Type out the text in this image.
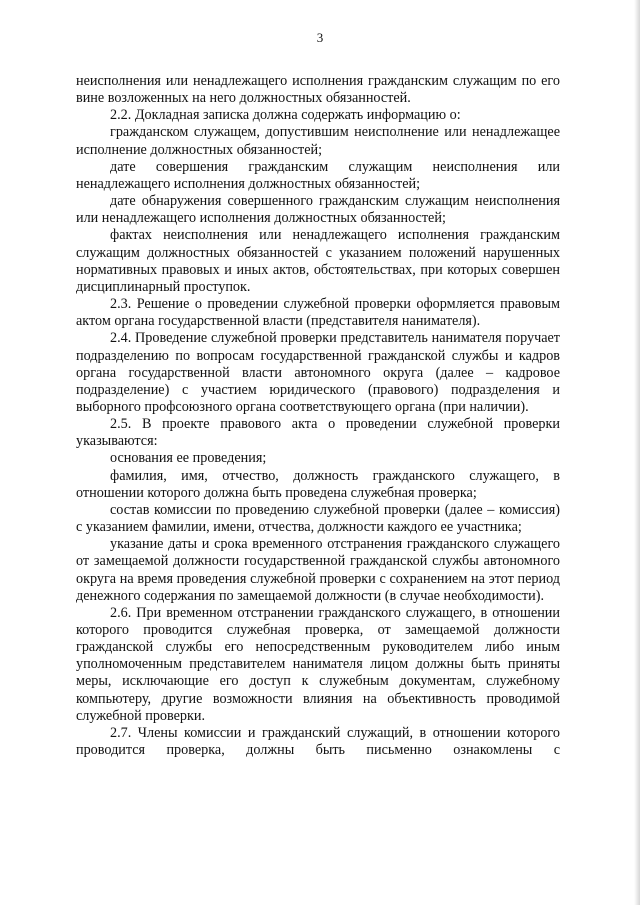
3

неисполнения или ненадлежащего исполнения гражданским служащим по его вине возложенных на него должностных обязанностей.

2.2. Докладная записка должна содержать информацию о:

гражданском служащем, допустившим неисполнение или ненадлежащее исполнение должностных обязанностей;

дате совершения гражданским служащим неисполнения или ненадлежащего исполнения должностных обязанностей;

дате обнаружения совершенного гражданским служащим неисполнения или ненадлежащего исполнения должностных обязанностей;

фактах неисполнения или ненадлежащего исполнения гражданским служащим должностных обязанностей с указанием положений нарушенных нормативных правовых и иных актов, обстоятельствах, при которых совершен дисциплинарный проступок.

2.3. Решение о проведении служебной проверки оформляется правовым актом органа государственной власти (представителя нанимателя).

2.4. Проведение служебной проверки представитель нанимателя поручает подразделению по вопросам государственной гражданской службы и кадров органа государственной власти автономного округа (далее – кадровое подразделение) с участием юридического (правового) подразделения и выборного профсоюзного органа соответствующего органа (при наличии).

2.5. В проекте правового акта о проведении служебной проверки указываются:

основания ее проведения;

фамилия, имя, отчество, должность гражданского служащего, в отношении которого должна быть проведена служебная проверка;

состав комиссии по проведению служебной проверки (далее – комиссия) с указанием фамилии, имени, отчества, должности каждого ее участника;

указание даты и срока временного отстранения гражданского служащего от замещаемой должности государственной гражданской службы автономного округа на время проведения служебной проверки с сохранением на этот период денежного содержания по замещаемой должности (в случае необходимости).

2.6. При временном отстранении гражданского служащего, в отношении которого проводится служебная проверка, от замещаемой должности гражданской службы его непосредственным руководителем либо иным уполномоченным представителем нанимателя лицом должны быть приняты меры, исключающие его доступ к служебным документам, служебному компьютеру, другие возможности влияния на объективность проводимой служебной проверки.

2.7. Члены комиссии и гражданский служащий, в отношении которого проводится проверка, должны быть письменно ознакомлены с
